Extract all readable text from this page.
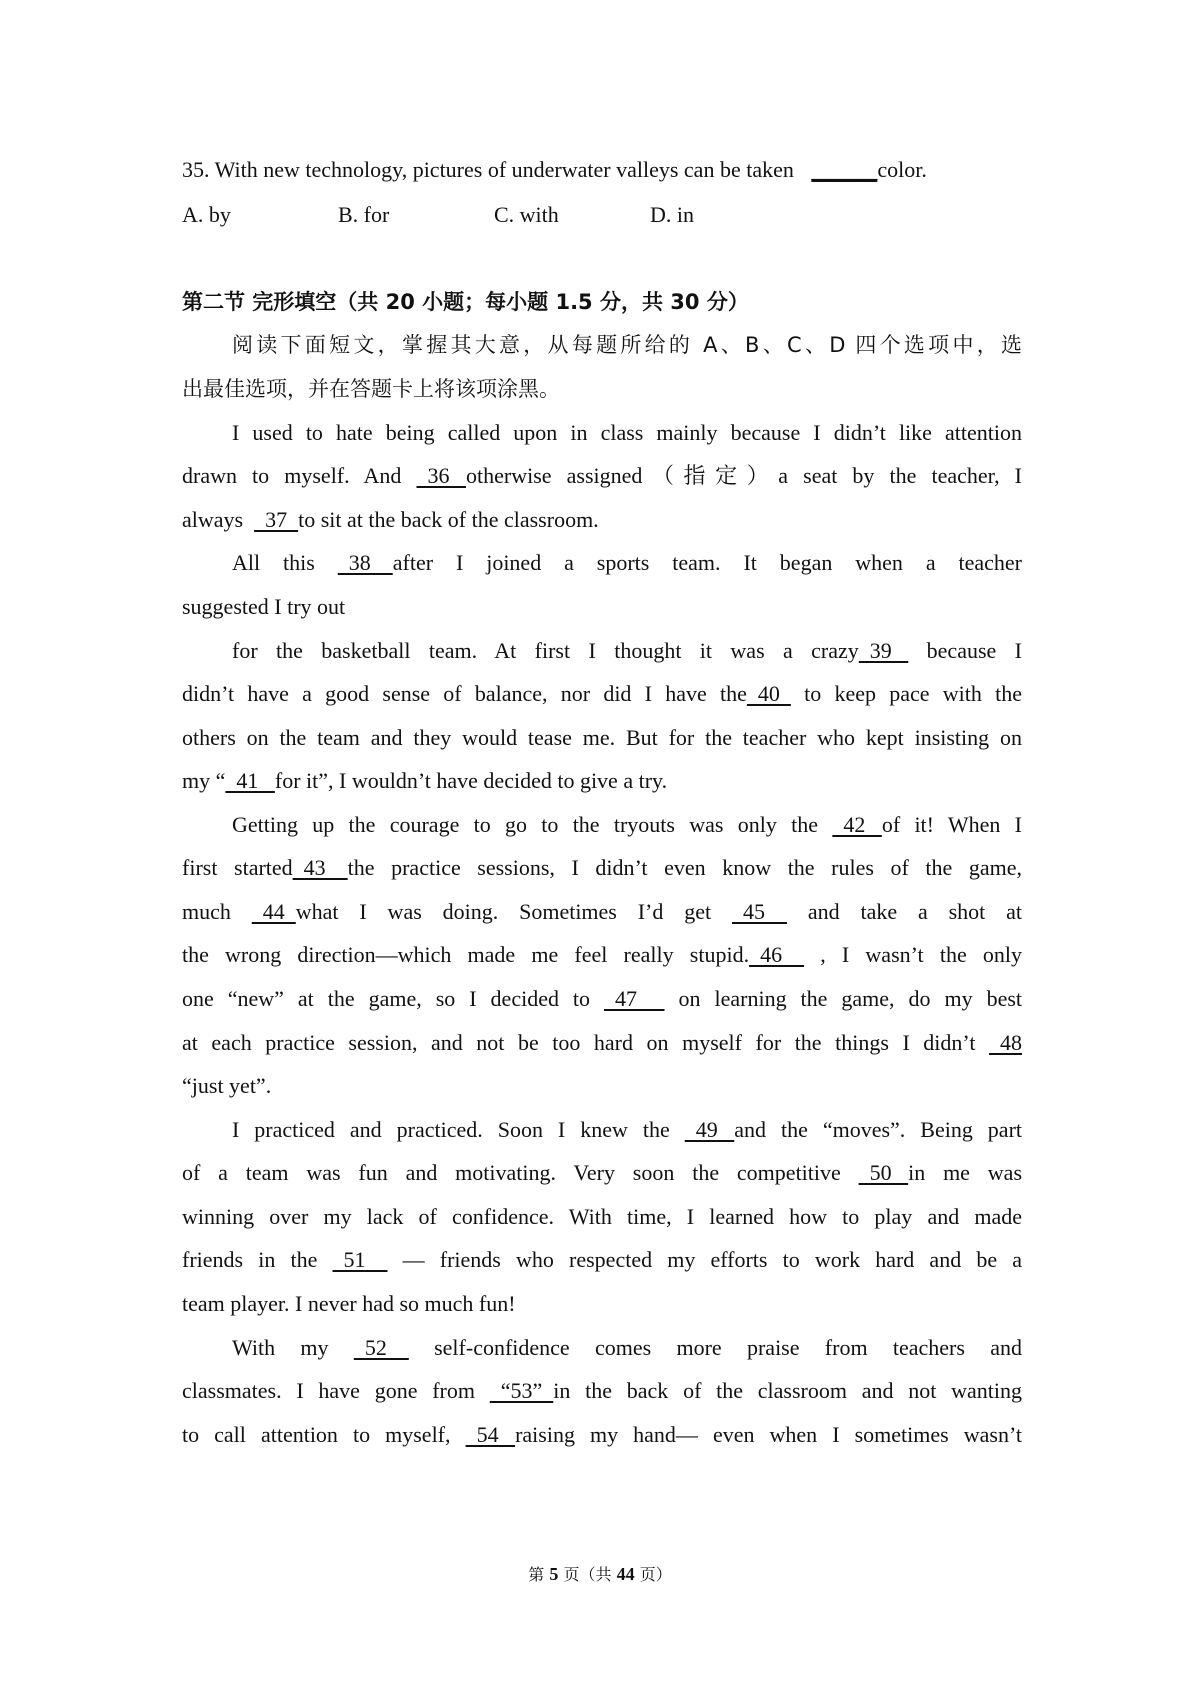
35. With new technology, pictures of underwater valleys can be taken ______color.
A. by	B. for	C. with	D. in
第二节 完形填空（共 20 小题；每小题 1.5 分，共 30 分）
阅读下面短文，掌握其大意，从每题所给的 A、B、C、D 四个选项中，选
出最佳选项，并在答题卡上将该项涂黑。
I used to hate being called upon in class mainly because I didn’t like attention
drawn to myself. And   36   otherwise assigned（指定）a seat by the teacher, I
always    37  to sit at the back of the classroom.
All this   38    after I joined a sports team. It began when a teacher
suggested I try out
for the basketball team. At first I thought it was a crazy  39    because I
didn’t have a good sense of balance, nor did I have the  40   to keep pace with the
others on the team and they would tease me. But for the teacher who kept insisting on
my “  41   for it”, I wouldn’t have decided to give a try.
Getting up the courage to go to the tryouts was only the   42   of it! When I
first started  43    the practice sessions, I didn’t even know the rules of the game,
much   44  what I was doing. Sometimes I’d get   45     and take a shot at
the wrong direction—which made me feel really stupid.  46     , I wasn’t the only
one “new” at the game, so I decided to   47      on learning the game, do my best
at each practice session, and not be too hard on myself for the things I didn’t   48
“just yet”.
I practiced and practiced. Soon I knew the   49   and the “moves”. Being part
of a team was fun and motivating. Very soon the competitive   50   in me was
winning over my lack of confidence. With time, I learned how to play and made
friends in the   51     — friends who respected my efforts to work hard and be a
team player. I never had so much fun!
With my   52     self-confidence comes more praise from teachers and
classmates. I have gone from   “53”  in the back of the classroom and not wanting
to call attention to myself,   54   raising my hand— even when I sometimes wasn’t
第 5 页（共 44 页）
